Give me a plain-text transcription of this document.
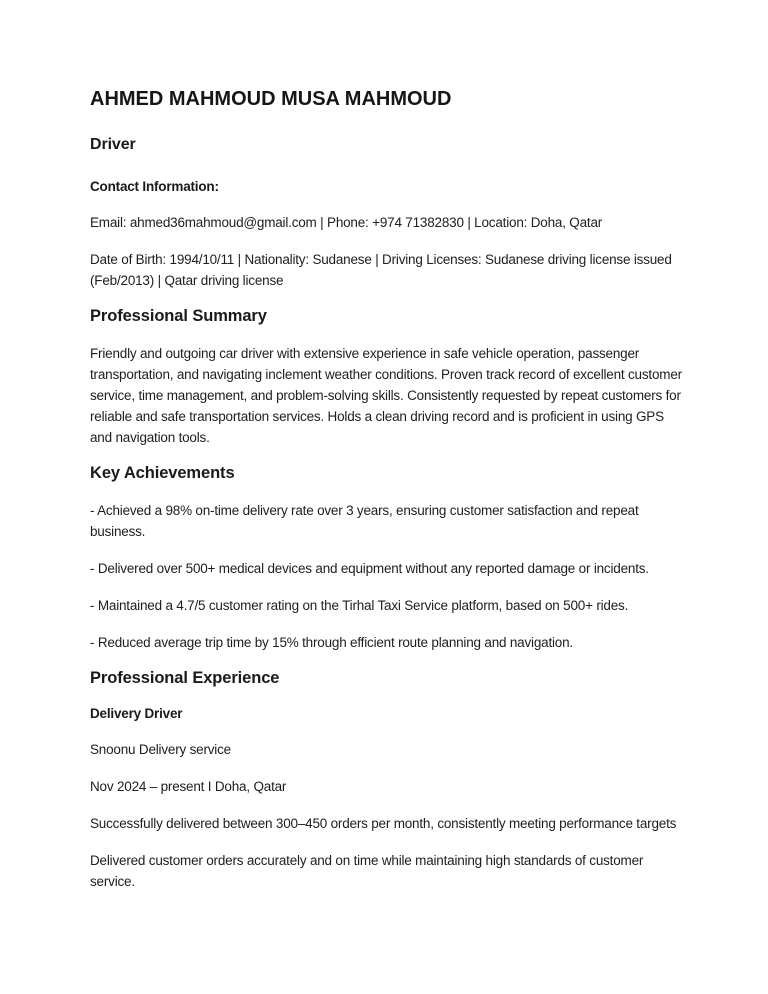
AHMED MAHMOUD MUSA MAHMOUD
Driver
Contact Information:

Email: ahmed36mahmoud@gmail.com | Phone: +974 71382830 | Location: Doha, Qatar

Date of Birth: 1994/10/11 | Nationality: Sudanese | Driving Licenses: Sudanese driving license issued (Feb/2013) | Qatar driving license

Professional Summary

Friendly and outgoing car driver with extensive experience in safe vehicle operation, passenger transportation, and navigating inclement weather conditions. Proven track record of excellent customer service, time management, and problem-solving skills. Consistently requested by repeat customers for reliable and safe transportation services. Holds a clean driving record and is proficient in using GPS and navigation tools.

Key Achievements

- Achieved a 98% on-time delivery rate over 3 years, ensuring customer satisfaction and repeat business.

- Delivered over 500+ medical devices and equipment without any reported damage or incidents.

- Maintained a 4.7/5 customer rating on the Tirhal Taxi Service platform, based on 500+ rides.

- Reduced average trip time by 15% through efficient route planning and navigation.

Professional Experience
Delivery Driver

Snoonu Delivery service

Nov 2024 – present I Doha, Qatar

Successfully delivered between 300–450 orders per month, consistently meeting performance targets

Delivered customer orders accurately and on time while maintaining high standards of customer service.
